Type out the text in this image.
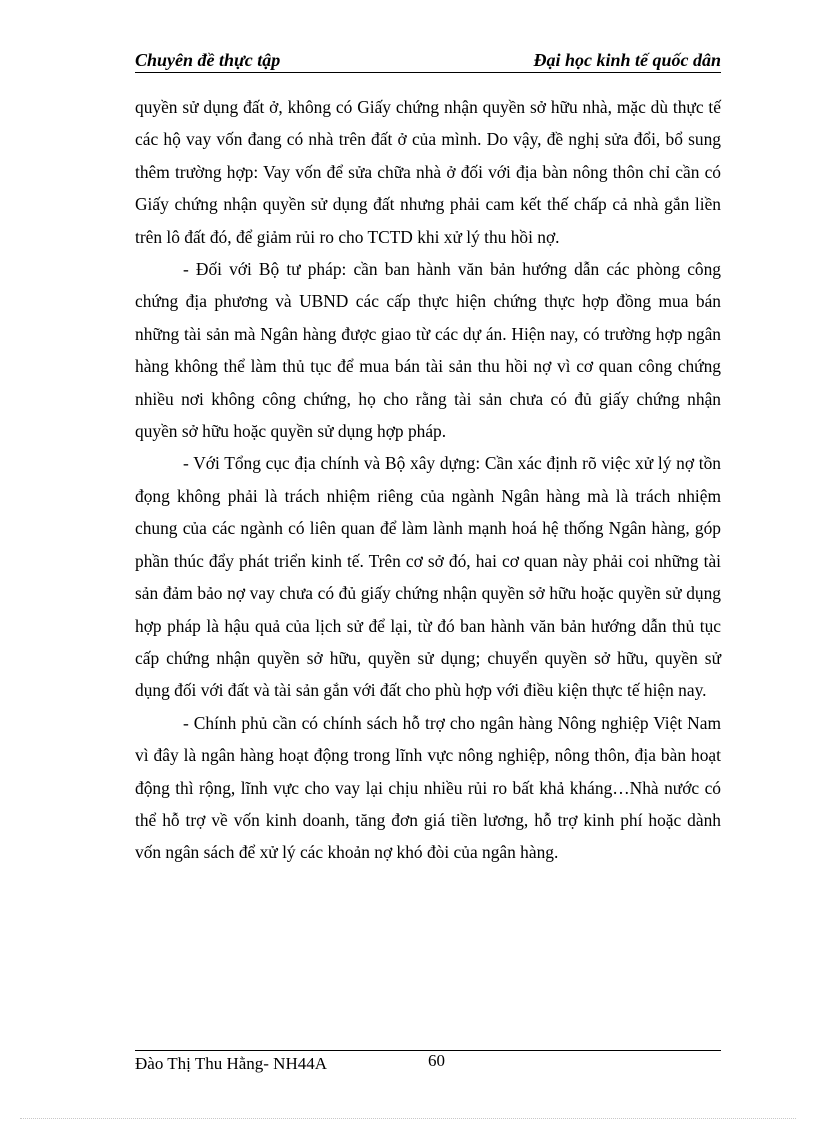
Chuyên đề thực tập	Đại học kinh tế quốc dân

quyền sử dụng đất ở, không có Giấy chứng nhận quyền sở hữu nhà, mặc dù thực tế các hộ vay vốn đang có nhà trên đất ở của mình. Do vậy, đề nghị sửa đổi, bổ sung thêm trường hợp: Vay vốn để sửa chữa nhà ở đối với địa bàn nông thôn chỉ cần có Giấy chứng nhận quyền sử dụng đất nhưng phải cam kết thế chấp cả nhà gắn liền trên lô đất đó, để giảm rủi ro cho TCTD khi xử lý thu hồi nợ.

- Đối với Bộ tư pháp: cần ban hành văn bản hướng dẫn các phòng công chứng địa phương và UBND các cấp thực hiện chứng thực hợp đồng mua bán những tài sản mà Ngân hàng được giao từ các dự án. Hiện nay, có trường hợp ngân hàng không thể làm thủ tục để mua bán tài sản thu hồi nợ vì cơ quan công chứng nhiều nơi không công chứng, họ cho rằng tài sản chưa có đủ giấy chứng nhận quyền sở hữu hoặc quyền sử dụng hợp pháp.

- Với Tổng cục địa chính và Bộ xây dựng: Cần xác định rõ việc xử lý nợ tồn đọng không phải là trách nhiệm riêng của ngành Ngân hàng mà là trách nhiệm chung của các ngành có liên quan để làm lành mạnh hoá hệ thống Ngân hàng, góp phần thúc đẩy phát triển kinh tế. Trên cơ sở đó, hai cơ quan này phải coi những tài sản đảm bảo nợ vay chưa có đủ giấy chứng nhận quyền sở hữu hoặc quyền sử dụng hợp pháp là hậu quả của lịch sử để lại, từ đó ban hành văn bản hướng dẫn thủ tục cấp chứng nhận quyền sở hữu, quyền sử dụng; chuyển quyền sở hữu, quyền sử dụng đối với đất và tài sản gắn với đất cho phù hợp với điều kiện thực tế hiện nay.

- Chính phủ cần có chính sách hỗ trợ cho ngân hàng Nông nghiệp Việt Nam vì đây là ngân hàng hoạt động trong lĩnh vực nông nghiệp, nông thôn, địa bàn hoạt động thì rộng, lĩnh vực cho vay lại chịu nhiều rủi ro bất khả kháng…Nhà nước có thể hỗ trợ về vốn kinh doanh, tăng đơn giá tiền lương, hỗ trợ kinh phí hoặc dành vốn ngân sách để xử lý các khoản nợ khó đòi của ngân hàng.

Đào Thị Thu Hằng- NH44A	60
